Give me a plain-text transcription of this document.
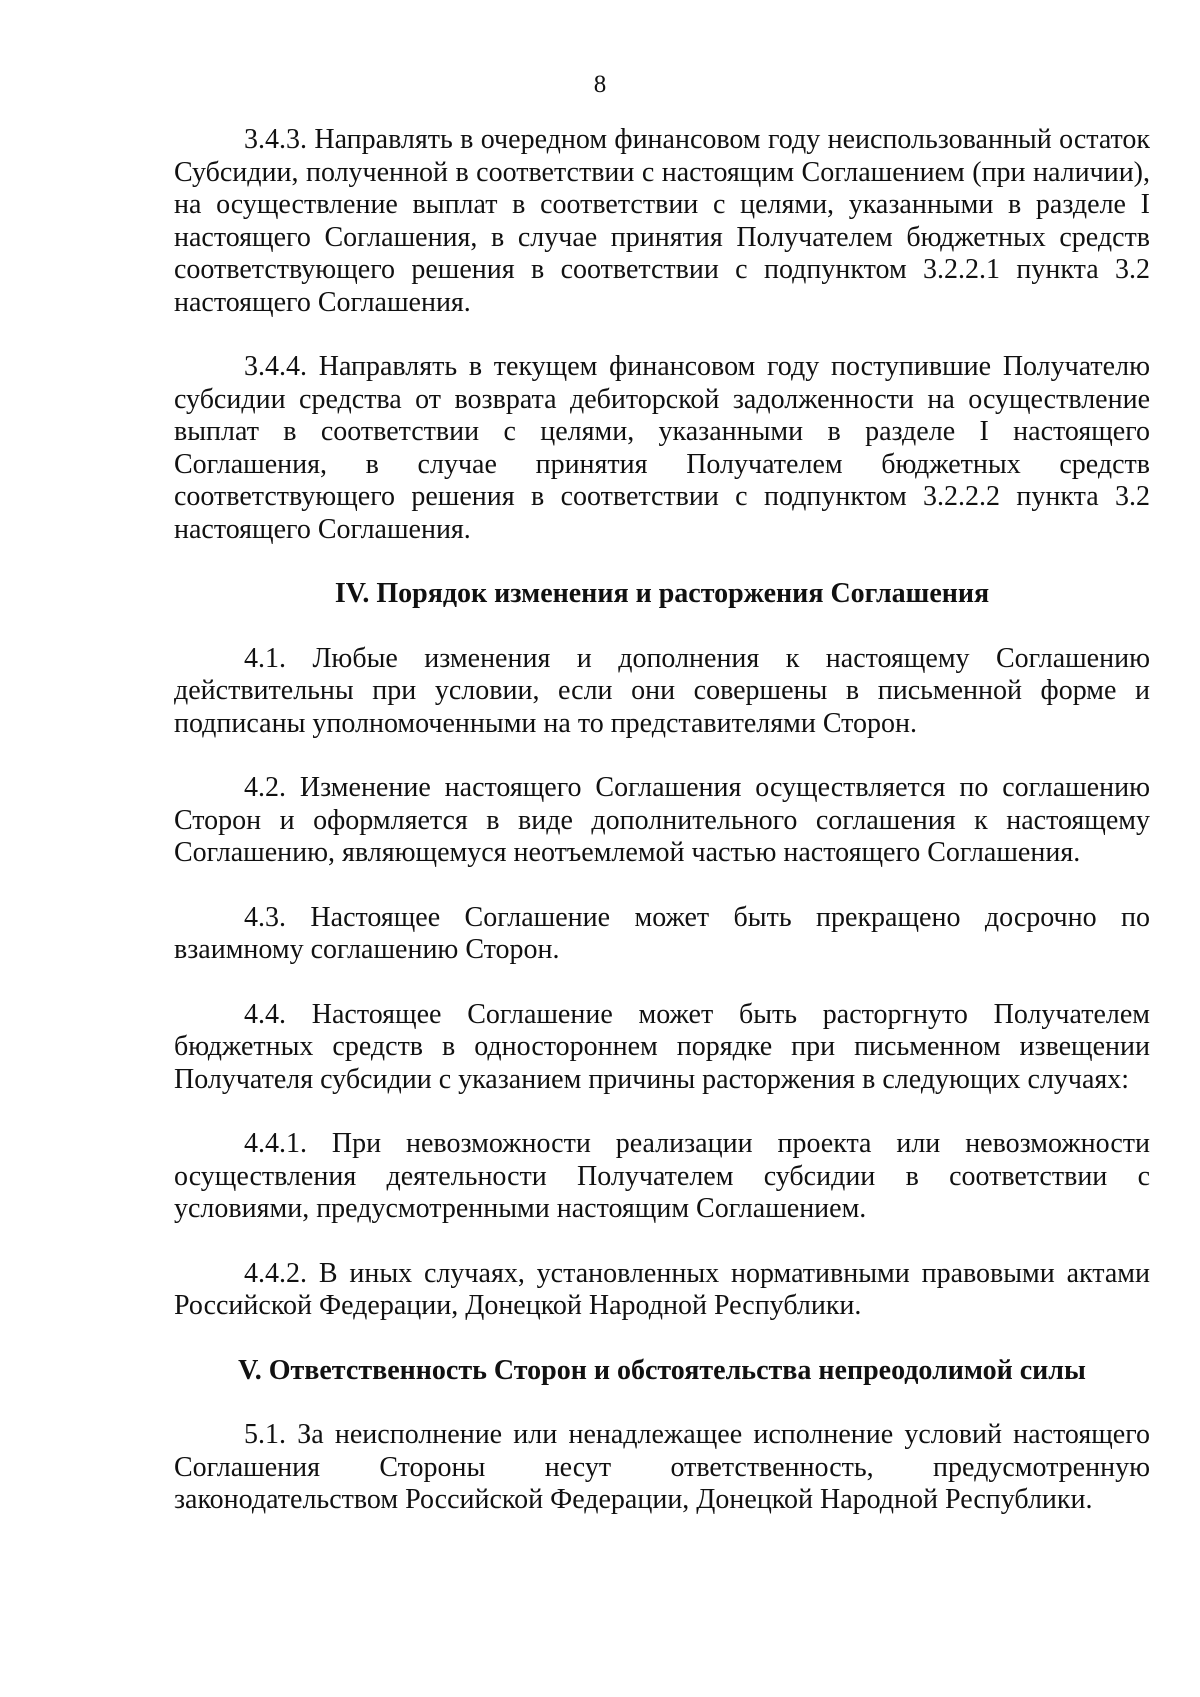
8

3.4.3. Направлять в очередном финансовом году неиспользованный остаток Субсидии, полученной в соответствии с настоящим Соглашением (при наличии), на осуществление выплат в соответствии с целями, указанными в разделе I настоящего Соглашения, в случае принятия Получателем бюджетных средств соответствующего решения в соответствии с подпунктом 3.2.2.1 пункта 3.2 настоящего Соглашения.

3.4.4. Направлять в текущем финансовом году поступившие Получателю субсидии средства от возврата дебиторской задолженности на осуществление выплат в соответствии с целями, указанными в разделе I настоящего Соглашения, в случае принятия Получателем бюджетных средств соответствующего решения в соответствии с подпунктом 3.2.2.2 пункта 3.2 настоящего Соглашения.

IV. Порядок изменения и расторжения Соглашения

4.1. Любые изменения и дополнения к настоящему Соглашению действительны при условии, если они совершены в письменной форме и подписаны уполномоченными на то представителями Сторон.

4.2. Изменение настоящего Соглашения осуществляется по соглашению Сторон и оформляется в виде дополнительного соглашения к настоящему Соглашению, являющемуся неотъемлемой частью настоящего Соглашения.

4.3. Настоящее Соглашение может быть прекращено досрочно по взаимному соглашению Сторон.

4.4. Настоящее Соглашение может быть расторгнуто Получателем бюджетных средств в одностороннем порядке при письменном извещении Получателя субсидии с указанием причины расторжения в следующих случаях:

4.4.1. При невозможности реализации проекта или невозможности осуществления деятельности Получателем субсидии в соответствии с условиями, предусмотренными настоящим Соглашением.

4.4.2. В иных случаях, установленных нормативными правовыми актами Российской Федерации, Донецкой Народной Республики.

V. Ответственность Сторон и обстоятельства непреодолимой силы

5.1. За неисполнение или ненадлежащее исполнение условий настоящего Соглашения Стороны несут ответственность, предусмотренную законодательством Российской Федерации, Донецкой Народной Республики.
